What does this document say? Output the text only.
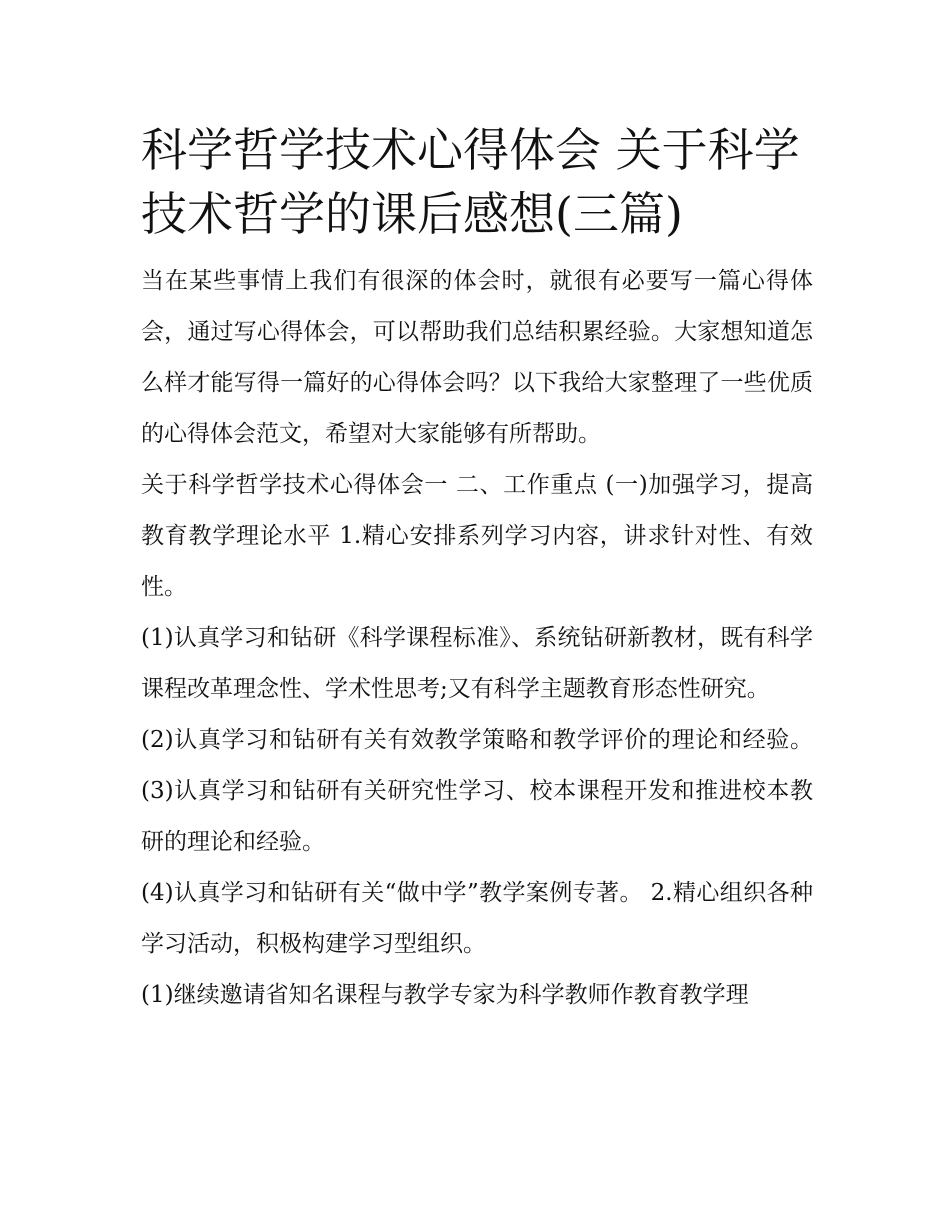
科学哲学技术心得体会 关于科学技术哲学的课后感想(三篇)

当在某些事情上我们有很深的体会时，就很有必要写一篇心得体会，通过写心得体会，可以帮助我们总结积累经验。大家想知道怎么样才能写得一篇好的心得体会吗？以下我给大家整理了一些优质的心得体会范文，希望对大家能够有所帮助。

关于科学哲学技术心得体会一 二、工作重点 (一)加强学习，提高教育教学理论水平 1.精心安排系列学习内容，讲求针对性、有效性。

(1)认真学习和钻研《科学课程标准》、系统钻研新教材，既有科学课程改革理念性、学术性思考;又有科学主题教育形态性研究。

(2)认真学习和钻研有关有效教学策略和教学评价的理论和经验。 (3)认真学习和钻研有关研究性学习、校本课程开发和推进校本教研的理论和经验。

(4)认真学习和钻研有关“做中学”教学案例专著。 2.精心组织各种学习活动，积极构建学习型组织。

(1)继续邀请省知名课程与教学专家为科学教师作教育教学理
